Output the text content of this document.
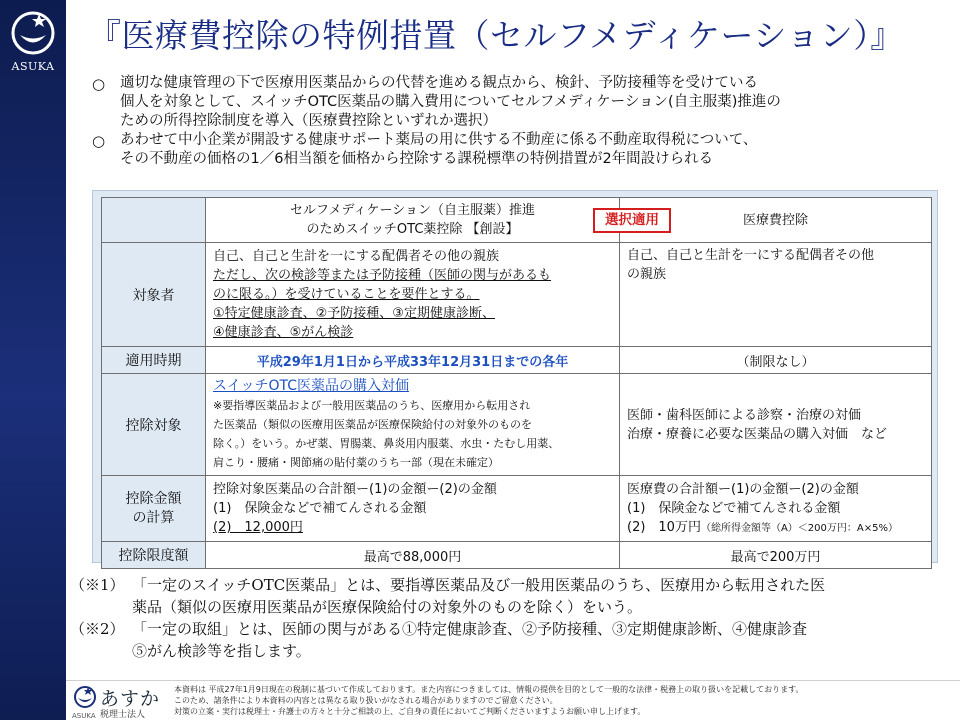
ASUKA
『医療費控除の特例措置（セルフメディケーション）』
○	適切な健康管理の下で医療用医薬品からの代替を進める観点から、検針、予防接種等を受けている
個人を対象として、スイッチOTC医薬品の購入費用についてセルフメディケーション(自主服薬)推進の
ための所得控除制度を導入（医療費控除といずれか選択）
○	あわせて中小企業が開設する健康サポート薬局の用に供する不動産に係る不動産取得税について、
その不動産の価格の1／6相当額を価格から控除する課税標準の特例措置が2年間設けられる

	セルフメディケーション（自主服薬）推進
のためスイッチOTC薬控除 【創設】
選択適用	医療費控除
対象者	自己、自己と生計を一にする配偶者その他の親族
ただし、次の検診等または予防接種（医師の関与があるも
のに限る。）を受けていることを要件とする。
①特定健康診査、②予防接種、③定期健康診断、
④健康診査、⑤がん検診	自己、自己と生計を一にする配偶者その他
の親族

適用時期	平成29年1月1日から平成33年12月31日までの各年	（制限なし）
控除対象	スイッチOTC医薬品の購入対価
※要指導医薬品および一般用医薬品のうち、医療用から転用され
た医薬品（類似の医療用医薬品が医療保険給付の対象外のものを
除く。）をいう。かぜ薬、胃腸薬、鼻炎用内服薬、水虫・たむし用薬、
肩こり・腰痛・関節痛の貼付薬のうち一部（現在未確定）	医師・歯科医師による診察・治療の対価
治療・療養に必要な医薬品の購入対価　など

控除金額
の計算	控除対象医薬品の合計額ー(1)の金額ー(2)の金額
(1)　保険金などで補てんされる金額
(2)　12,000円	医療費の合計額ー(1)の金額ー(2)の金額
(1)　保険金などで補てんされる金額
(2)　10万円（総所得金額等（A）＜200万円：A×5%）

控除限度額	最高で88,000円	最高で200万円
（※1） 「一定のスイッチOTC医薬品」とは、要指導医薬品及び一般用医薬品のうち、医療用から転用された医
薬品（類似の医療用医薬品が医療保険給付の対象外のものを除く）をいう。
（※2） 「一定の取組」とは、医師の関与がある①特定健康診査、②予防接種、③定期健康診断、④健康診査
⑤がん検診等を指します。
ASUKA
あすか
税理士法人
本資料は 平成27年1月9日現在の税制に基づいて作成しております。また内容につきましては、情報の提供を目的として一般的な法律・税務上の取り扱いを記載しております。
このため、諸条件により本資料の内容とは異なる取り扱いがなされる場合がありますのでご留意ください。
対策の立案・実行は税理士・弁護士の方々と十分ご相談の上、ご自身の責任においてご判断くださいますようお願い申し上げます。
